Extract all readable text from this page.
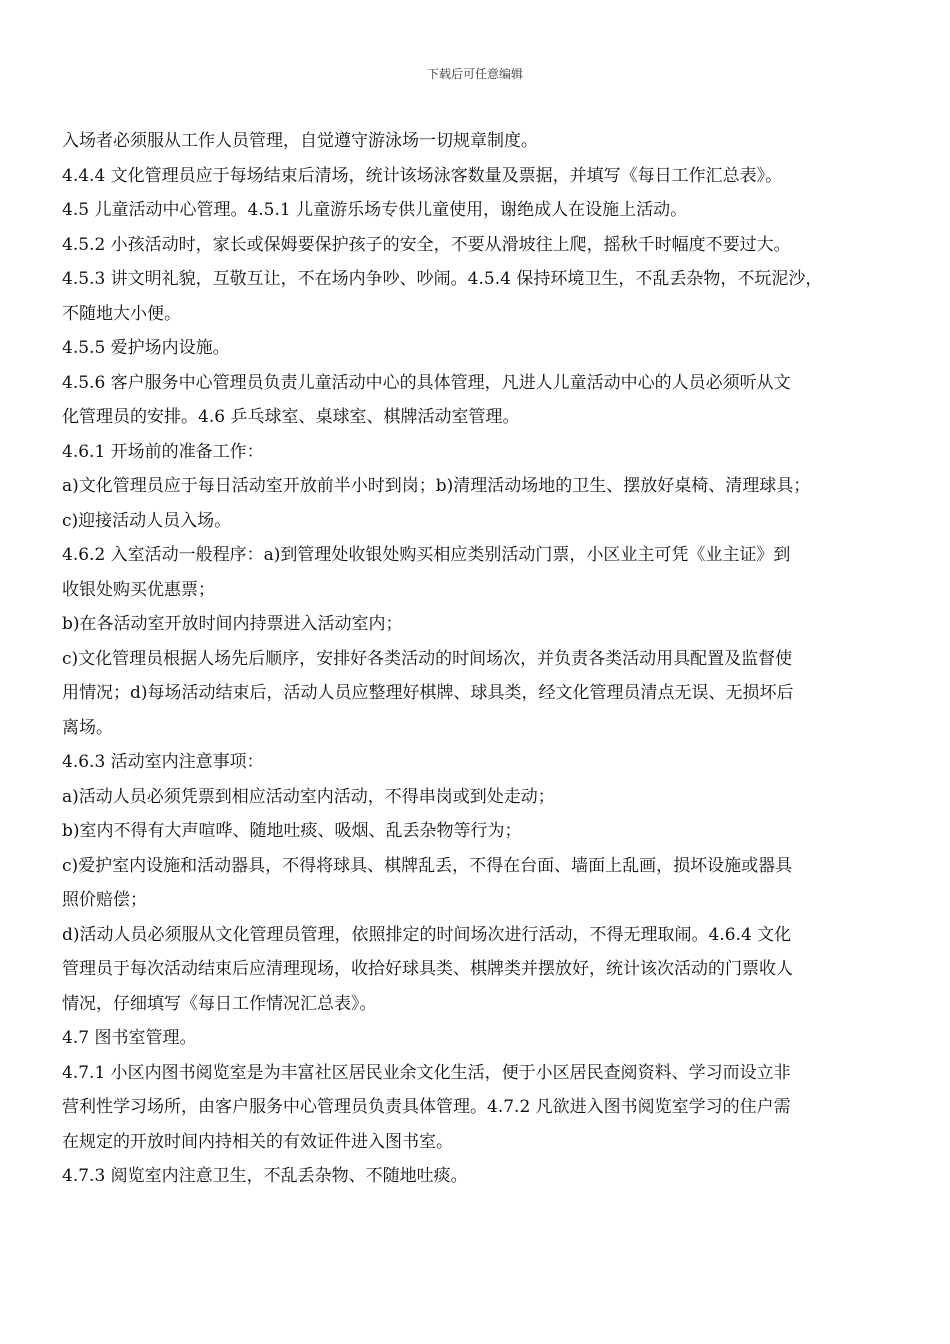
下载后可任意编辑
入场者必须服从工作人员管理，自觉遵守游泳场一切规章制度。
4.4.4 文化管理员应于每场结束后清场，统计该场泳客数量及票据，并填写《每日工作汇总表》。
4.5 儿童活动中心管理。4.5.1 儿童游乐场专供儿童使用，谢绝成人在设施上活动。
4.5.2 小孩活动时，家长或保姆要保护孩子的安全，不要从滑坡往上爬，摇秋千时幅度不要过大。
4.5.3 讲文明礼貌，互敬互让，不在场内争吵、吵闹。4.5.4 保持环境卫生，不乱丢杂物，不玩泥沙，
不随地大小便。
4.5.5 爱护场内设施。
4.5.6 客户服务中心管理员负责儿童活动中心的具体管理，凡进人儿童活动中心的人员必须听从文
化管理员的安排。4.6 乒乓球室、桌球室、棋牌活动室管理。
4.6.1 开场前的准备工作：
a)文化管理员应于每日活动室开放前半小时到岗；b)清理活动场地的卫生、摆放好桌椅、清理球具；
c)迎接活动人员入场。
4.6.2 入室活动一般程序：a)到管理处收银处购买相应类别活动门票，小区业主可凭《业主证》到
收银处购买优惠票；
b)在各活动室开放时间内持票进入活动室内；
c)文化管理员根据人场先后顺序，安排好各类活动的时间场次，并负责各类活动用具配置及监督使
用情况；d)每场活动结束后，活动人员应整理好棋牌、球具类，经文化管理员清点无误、无损坏后
离场。
4.6.3 活动室内注意事项：
a)活动人员必须凭票到相应活动室内活动，不得串岗或到处走动；
b)室内不得有大声喧哗、随地吐痰、吸烟、乱丢杂物等行为；
c)爱护室内设施和活动器具，不得将球具、棋牌乱丢，不得在台面、墙面上乱画，损坏设施或器具
照价赔偿；
d)活动人员必须服从文化管理员管理，依照排定的时间场次进行活动，不得无理取闹。4.6.4 文化
管理员于每次活动结束后应清理现场，收拾好球具类、棋牌类并摆放好，统计该次活动的门票收人
情况，仔细填写《每日工作情况汇总表》。
4.7 图书室管理。
4.7.1 小区内图书阅览室是为丰富社区居民业余文化生活，便于小区居民查阅资料、学习而设立非
营利性学习场所，由客户服务中心管理员负责具体管理。4.7.2 凡欲进入图书阅览室学习的住户需
在规定的开放时间内持相关的有效证件进入图书室。
4.7.3 阅览室内注意卫生，不乱丢杂物、不随地吐痰。
